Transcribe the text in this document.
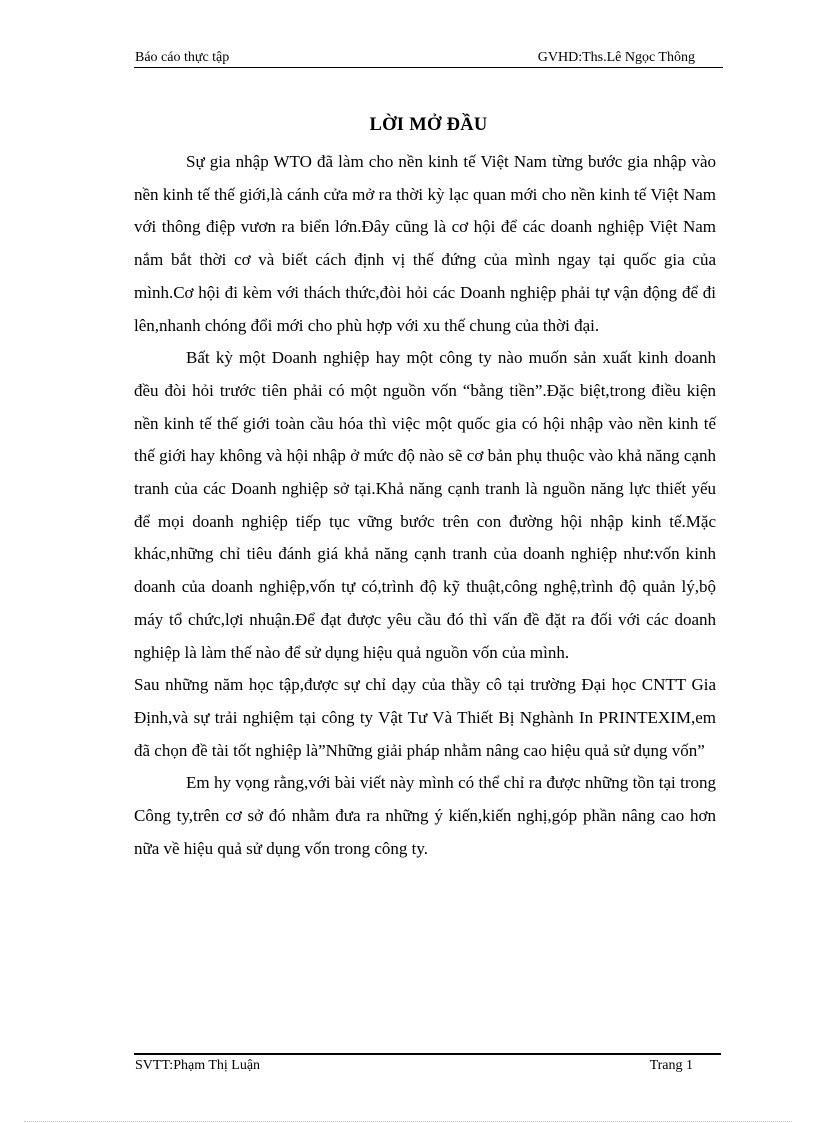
Báo cáo thực tập	GVHD:Ths.Lê Ngọc Thông
LỜI MỞ ĐẦU

Sự gia nhập WTO đã làm cho nền kinh tế Việt Nam từng bước gia nhập vào nền kinh tế thế giới,là cánh cửa mở ra thời kỳ lạc quan mới cho nền kinh tế Việt Nam với thông điệp vươn ra biển lớn.Đây cũng là cơ hội để các doanh nghiệp Việt Nam nắm bắt thời cơ và biết cách định vị thế đứng của mình ngay tại quốc gia của mình.Cơ hội đi kèm với thách thức,đòi hỏi các Doanh nghiệp phải tự vận động để đi lên,nhanh chóng đổi mới cho phù hợp với xu thế chung của thời đại.

Bất kỳ một Doanh nghiệp hay một công ty nào muốn sản xuất kinh doanh đều đòi hỏi trước tiên phải có một nguồn vốn “bằng tiền”.Đặc biệt,trong điều kiện nền kinh tế thế giới toàn cầu hóa thì việc một quốc gia có hội nhập vào nền kinh tế thế giới hay không và hội nhập ở mức độ nào sẽ cơ bản phụ thuộc vào khả năng cạnh tranh của các Doanh nghiệp sở tại.Khả năng cạnh tranh là nguồn năng lực thiết yếu để mọi doanh nghiệp tiếp tục vững bước trên con đường hội nhập kinh tế.Mặc khác,những chỉ tiêu đánh giá khả năng cạnh tranh của doanh nghiệp như:vốn kinh doanh của doanh nghiệp,vốn tự có,trình độ kỹ thuật,công nghệ,trình độ quản lý,bộ máy tổ chức,lợi nhuận.Để đạt được yêu cầu đó thì vấn đề đặt ra đối với các doanh nghiệp là làm thế nào để sử dụng hiệu quả nguồn vốn của mình.

Sau những năm học tập,được sự chỉ dạy của thầy cô tại trường Đại học CNTT Gia Định,và sự trải nghiệm tại công ty Vật Tư Và Thiết Bị Nghành In PRINTEXIM,em đã chọn đề tài tốt nghiệp là”Những giải pháp nhằm nâng cao hiệu quả sử dụng vốn”

Em hy vọng rằng,với bài viết này mình có thể chỉ ra được những tồn tại trong Công ty,trên cơ sở đó nhằm đưa ra những ý kiến,kiến nghị,góp phần nâng cao hơn nữa về hiệu quả sử dụng vốn trong công ty.

SVTT:Phạm Thị Luận	Trang 1
